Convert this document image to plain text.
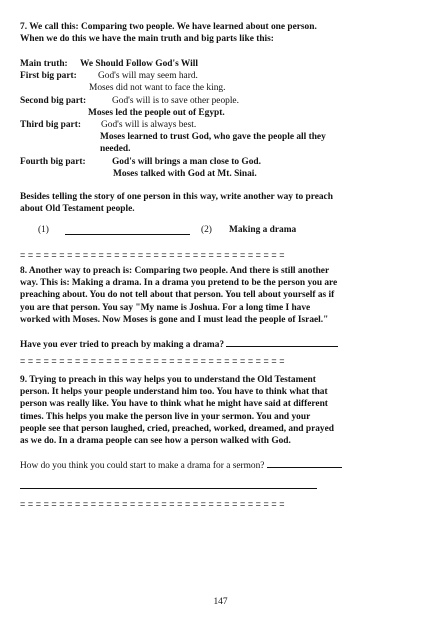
7. We call this: Comparing two people. We have learned about one person.
When we do this we have the main truth and big parts like this:
Main truth: We Should Follow God's Will
First big part: God's will may seem hard.
Moses did not want to face the king.
Second big part:	God's will is to save other people.
Moses led the people out of Egypt.
Third big part: God's will is always best.
Moses learned to trust God, who gave the people all they
needed.
Fourth big part:	God's will brings a man close to God.
Moses talked with God at Mt. Sinai.
Besides telling the story of one person in this way, write another way to preach
about Old Testament people.
(1)	(2) Making a drama
==================================
8. Another way to preach is: Comparing two people. And there is still another
way. This is: Making a drama. In a drama you pretend to be the person you are
preaching about. You do not tell about that person. You tell about yourself as if
you are that person. You say "My name is Joshua. For a long time I have
worked with Moses. Now Moses is gone and I must lead the people of Israel."
Have you ever tried to preach by making a drama?
==================================
9. Trying to preach in this way helps you to understand the Old Testament
person. It helps your people understand him too. You have to think what that
person was really like. You have to think what he might have said at different
times. This helps you make the person live in your sermon. You and your
people see that person laughed, cried, preached, worked, dreamed, and prayed
as we do. In a drama people can see how a person walked with God.
How do you think you could start to make a drama for a sermon?
==================================
147
